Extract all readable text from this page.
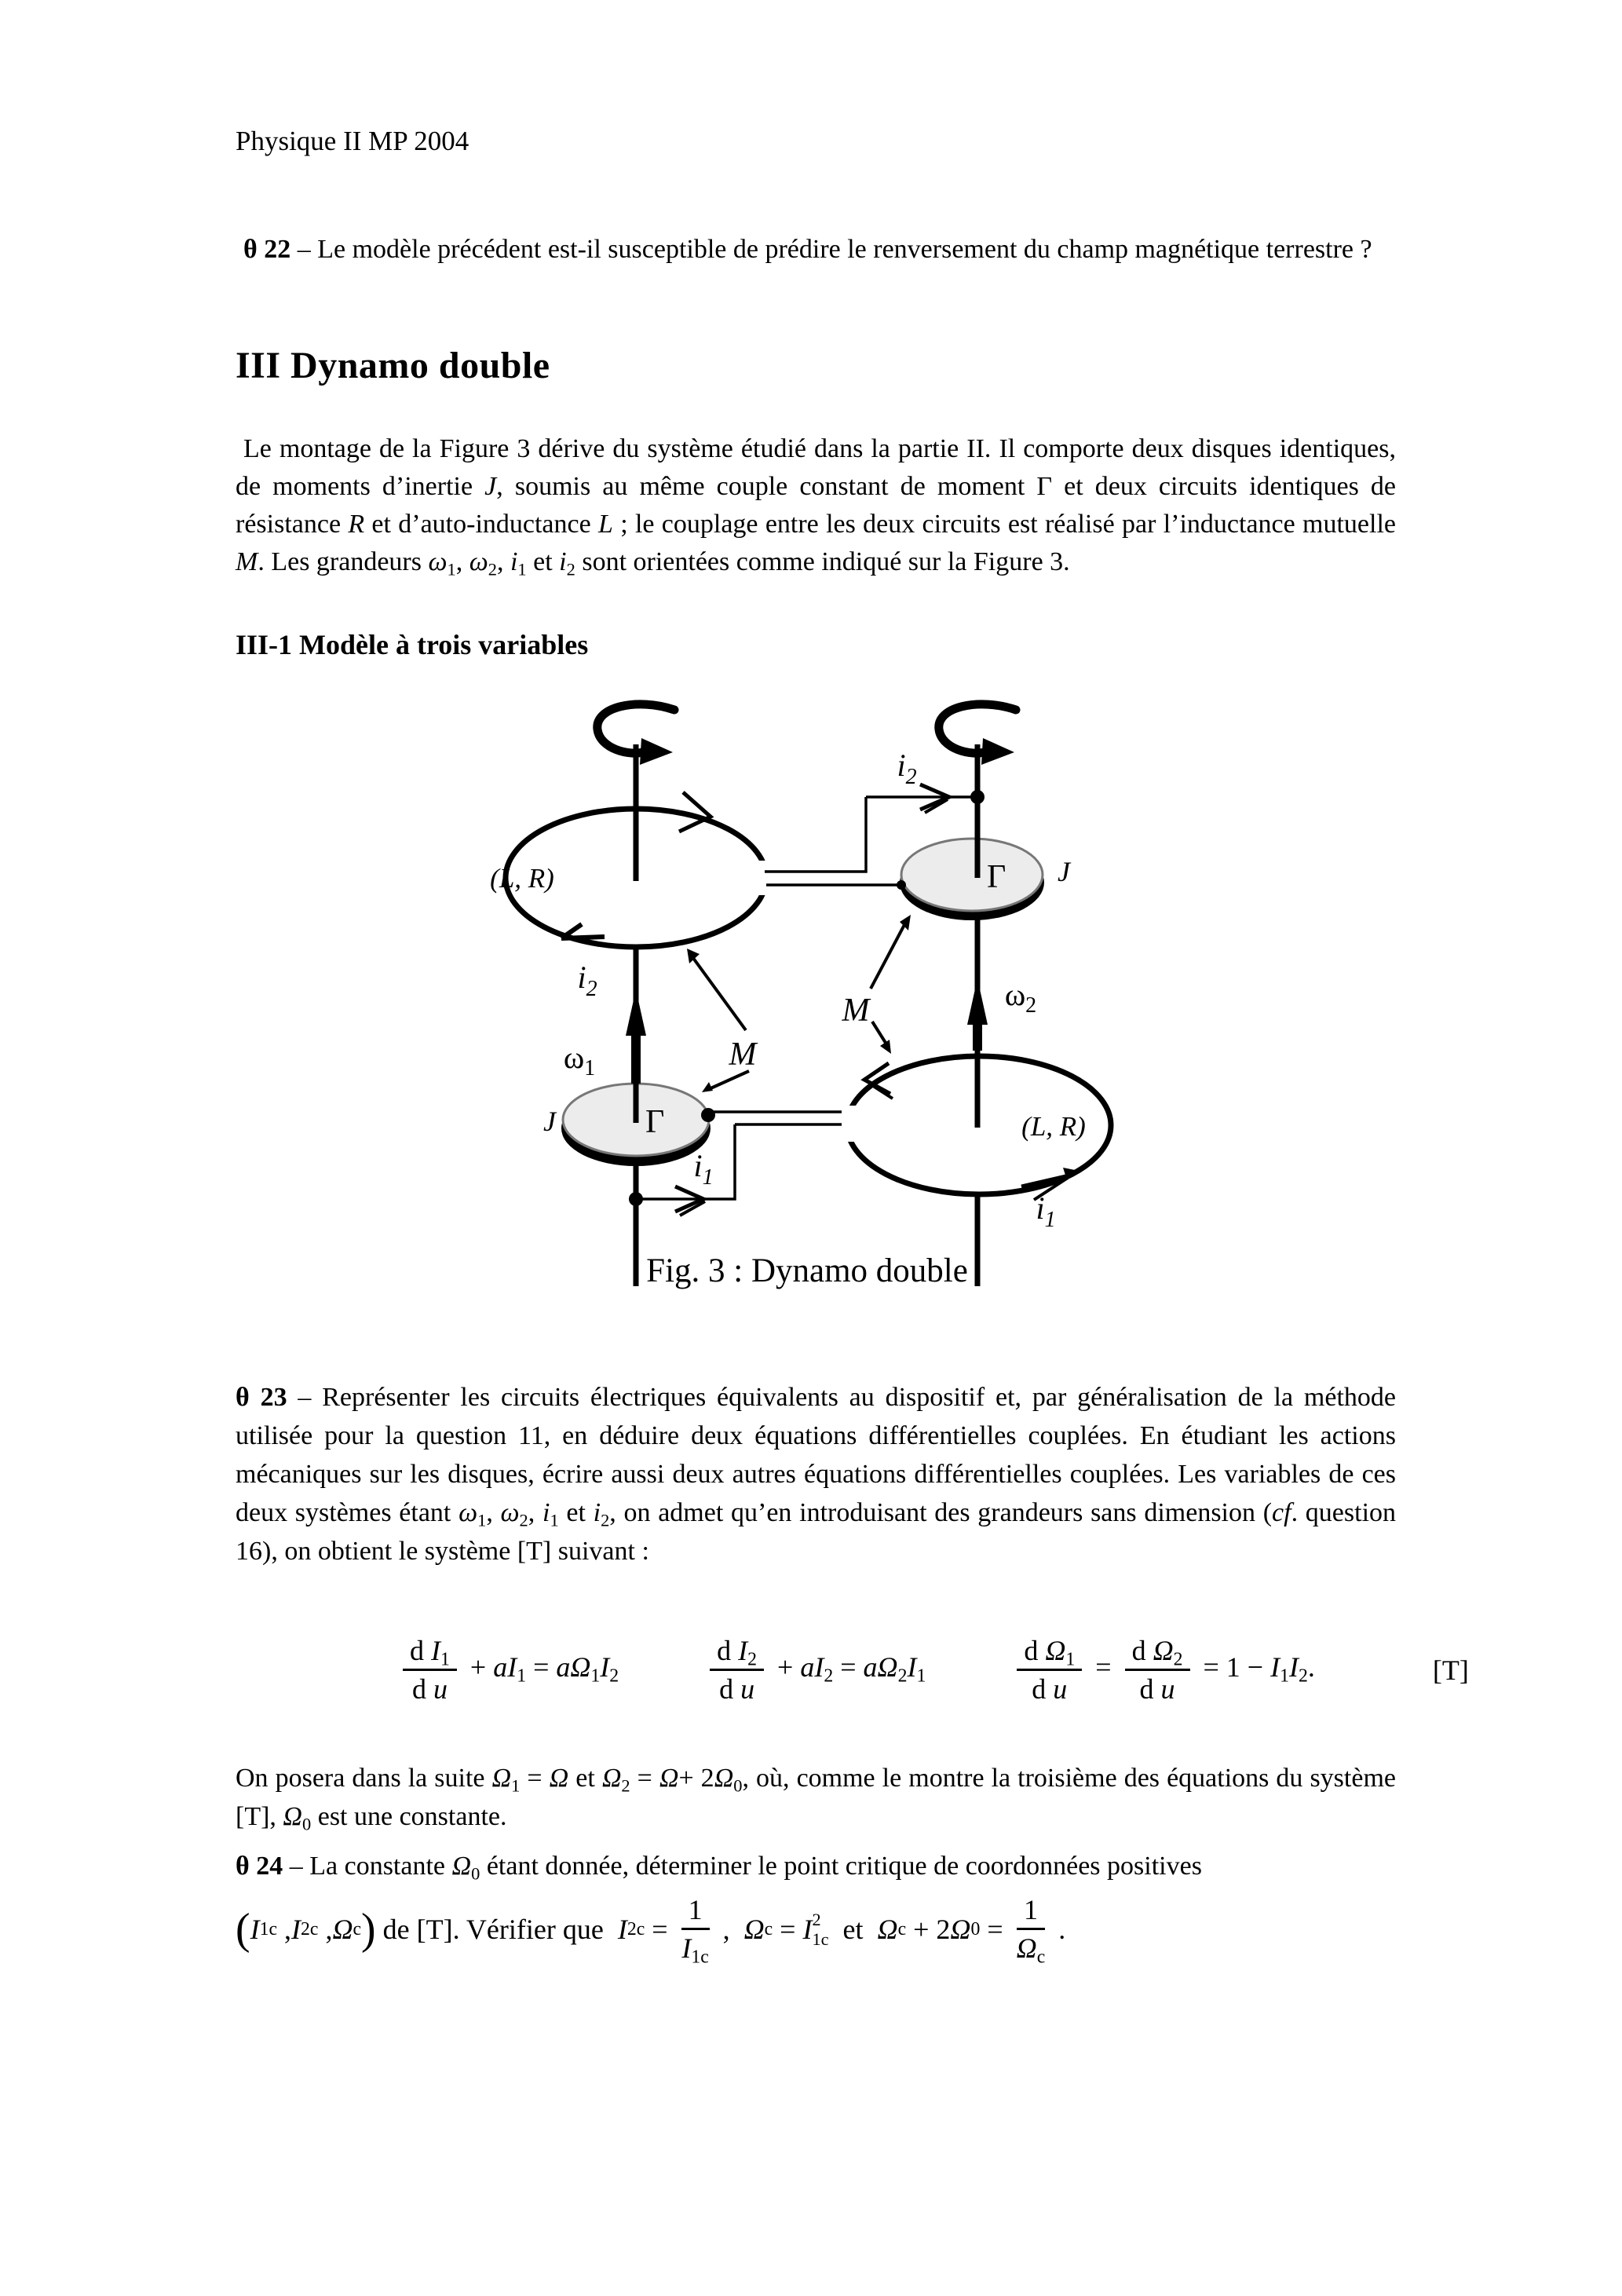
Physique II MP 2004
θ 22 – Le modèle précédent est-il susceptible de prédire le renversement du champ magnétique terrestre ?
III Dynamo double
Le montage de la Figure 3 dérive du système étudié dans la partie II. Il comporte deux disques identiques, de moments d’inertie J, soumis au même couple constant de moment Γ et deux circuits identiques de résistance R et d’auto-inductance L ; le couplage entre les deux circuits est réalisé par l’inductance mutuelle M. Les grandeurs $\omega_1$, $\omega_2$, $i_1$ et $i_2$ sont orientées comme indiqué sur la Figure 3.
III-1 Modèle à trois variables
(L, R)
(L, R)
Γ
Γ
J
J
$\omega_1$
$\omega_2$
$i_2$
$i_2$
$i_1$
$i_1$
M
M
Fig. 3 : Dynamo double
θ 23 – Représenter les circuits électriques équivalents au dispositif et, par généralisation de la méthode utilisée pour la question 11, en déduire deux équations différentielles couplées. En étudiant les actions mécaniques sur les disques, écrire aussi deux autres équations différentielles couplées. Les variables de ces deux systèmes étant $\omega_1$, $\omega_2$, $i_1$ et $i_2$, on admet qu’en introduisant des grandeurs sans dimension (cf. question 16), on obtient le système [T] suivant :
$\frac{d I_1}{\text{d u}} + aI_1 = a\Omega_1I_2$	$\frac{d I_2}{\text{d u}} + aI_2 = a\Omega_2I_1$	$\frac{d \Omega_1}{\text{d u}} = \frac{d \Omega_2}{\text{d u}} = 1 - I_1I_2$.	[T]
On posera dans la suite $\Omega_1 = \Omega$ et $\Omega_2 = \Omega+ 2\Omega_0$, où, comme le montre la troisième des équations du système [T], $\Omega_0$ est une constante.
θ 24 – La constante $\Omega_0$ étant donnée, déterminer le point critique de coordonnées positives
( I 1c , I 2c , Ω c ) de [T]. Vérifier que I $2c = \frac{1}{I_{1c}}$ , Ω c = I 2
1c et Ω c + 2 Ω $0 = \frac{1}{\Omega_c}$ .
